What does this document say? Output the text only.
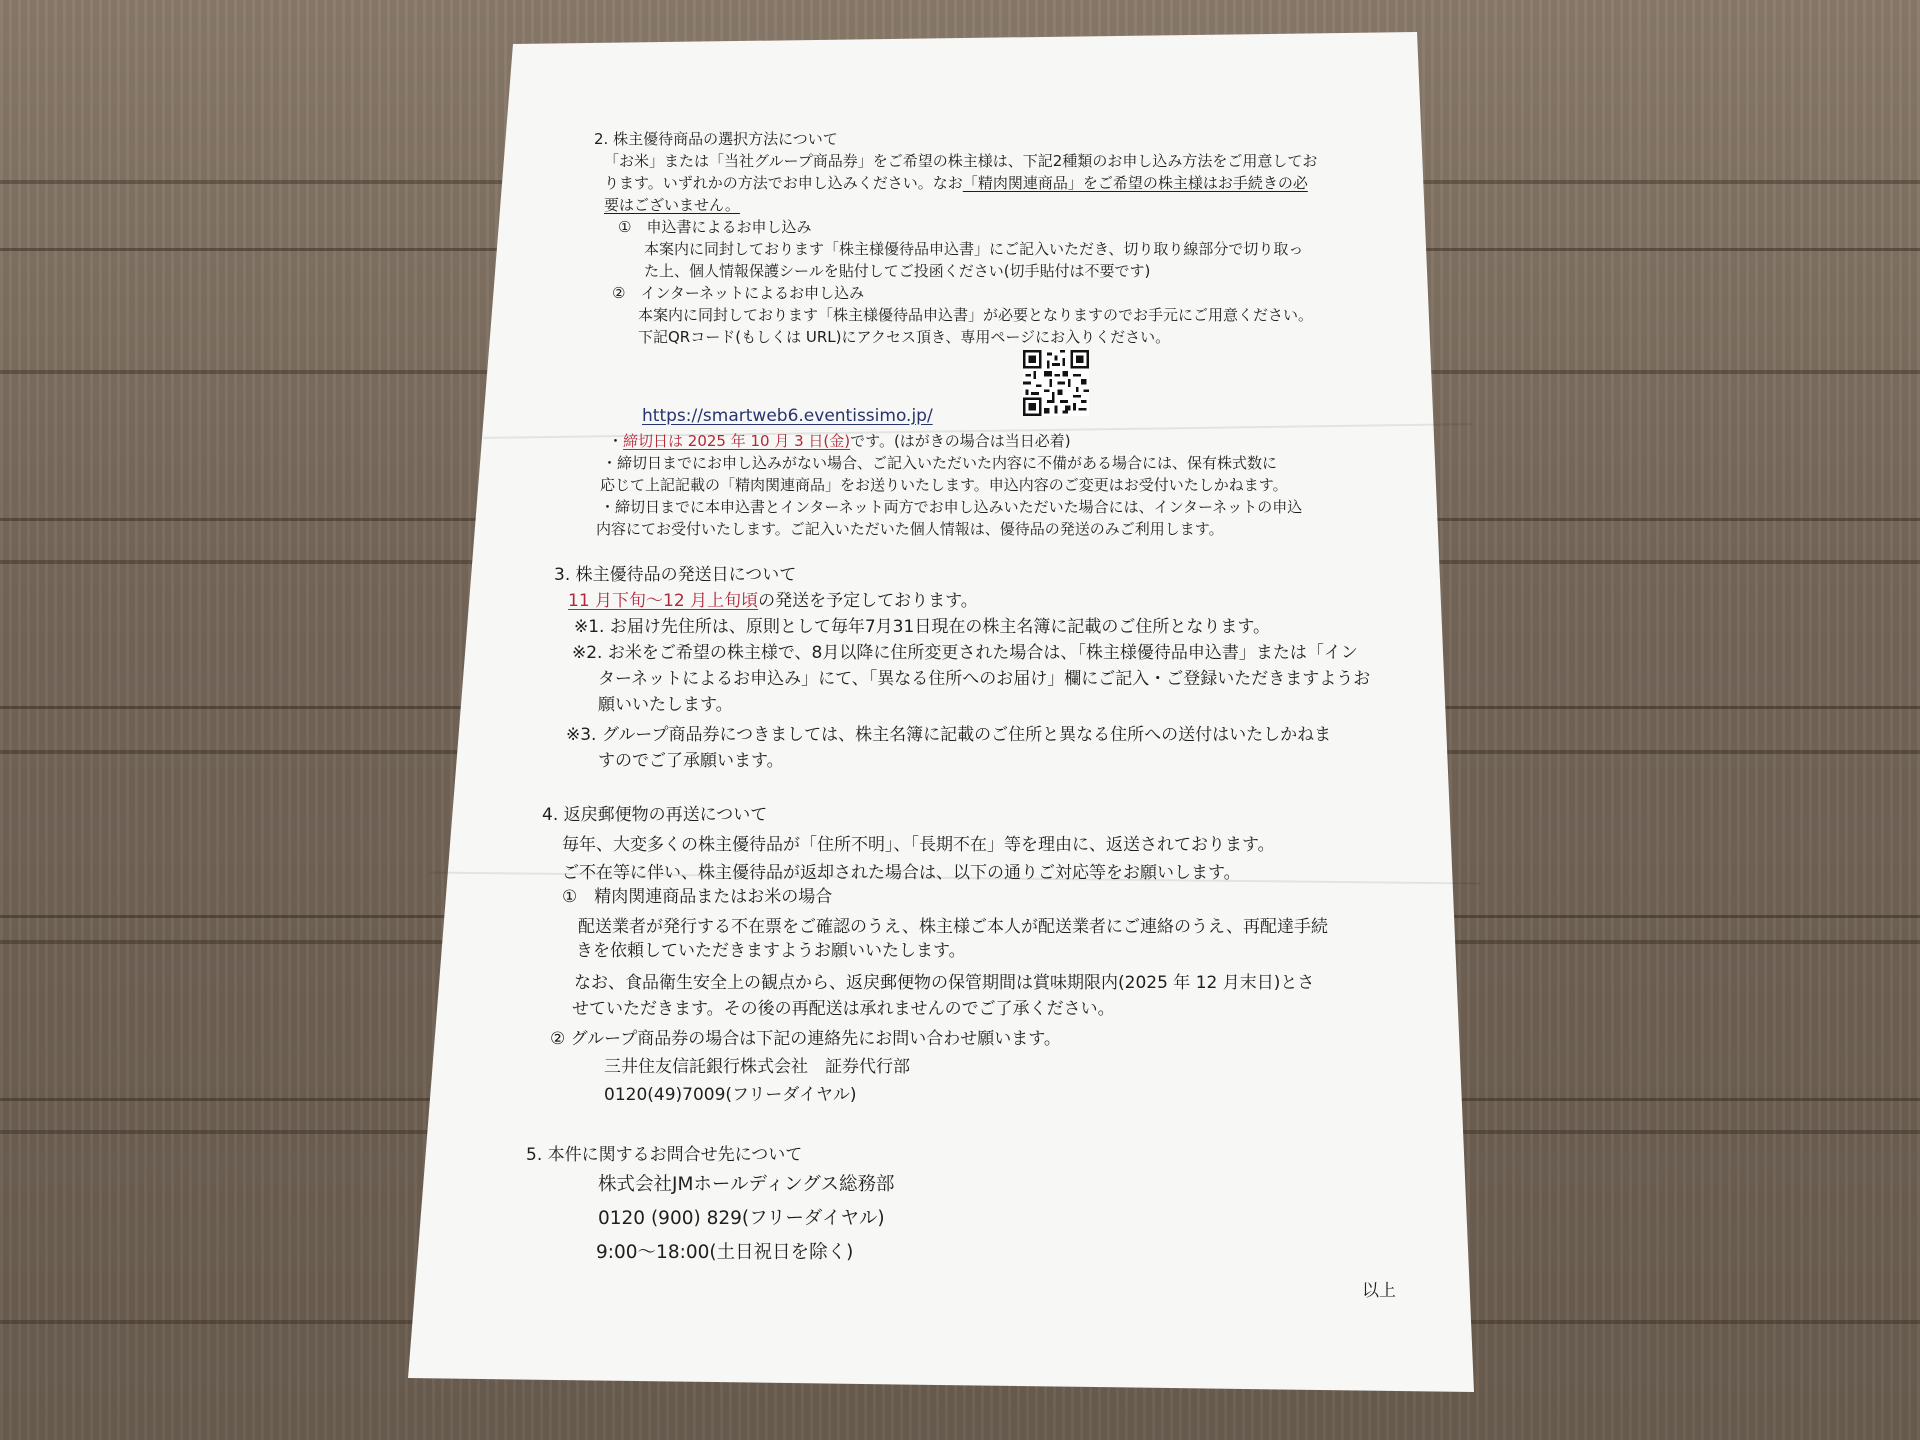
2. 株主優待商品の選択方法について
「お米」または「当社グループ商品券」をご希望の株主様は、下記2種類のお申し込み方法をご用意してお
ります。いずれかの方法でお申し込みください。なお「精肉関連商品」をご希望の株主様はお手続きの必
要はございません。
①　申込書によるお申し込み
本案内に同封しております「株主様優待品申込書」にご記入いただき、切り取り線部分で切り取っ
た上、個人情報保護シールを貼付してご投函ください(切手貼付は不要です)
②　インターネットによるお申し込み
本案内に同封しております「株主様優待品申込書」が必要となりますのでお手元にご用意ください。
下記QRコード(もしくは URL)にアクセス頂き、専用ページにお入りください。
https://smartweb6.eventissimo.jp/
・締切日は 2025 年 10 月 3 日(金)です。(はがきの場合は当日必着)
・締切日までにお申し込みがない場合、ご記入いただいた内容に不備がある場合には、保有株式数に
応じて上記記載の「精肉関連商品」をお送りいたします。申込内容のご変更はお受付いたしかねます。
・締切日までに本申込書とインターネット両方でお申し込みいただいた場合には、インターネットの申込
内容にてお受付いたします。ご記入いただいた個人情報は、優待品の発送のみご利用します。
3. 株主優待品の発送日について
11 月下旬～12 月上旬頃の発送を予定しております。
※1. お届け先住所は、原則として毎年7月31日現在の株主名簿に記載のご住所となります。
※2. お米をご希望の株主様で、8月以降に住所変更された場合は、「株主様優待品申込書」または「イン
ターネットによるお申込み」にて、「異なる住所へのお届け」欄にご記入・ご登録いただきますようお
願いいたします。
※3. グループ商品券につきましては、株主名簿に記載のご住所と異なる住所への送付はいたしかねま
すのでご了承願います。
4. 返戻郵便物の再送について
毎年、大変多くの株主優待品が「住所不明」、「長期不在」等を理由に、返送されております。
ご不在等に伴い、株主優待品が返却された場合は、以下の通りご対応等をお願いします。
①　精肉関連商品またはお米の場合
配送業者が発行する不在票をご確認のうえ、株主様ご本人が配送業者にご連絡のうえ、再配達手続
きを依頼していただきますようお願いいたします。
なお、食品衛生安全上の観点から、返戻郵便物の保管期間は賞味期限内(2025 年 12 月末日)とさ
せていただきます。その後の再配送は承れませんのでご了承ください。
② グループ商品券の場合は下記の連絡先にお問い合わせ願います。
三井住友信託銀行株式会社　証券代行部
0120(49)7009(フリーダイヤル)
5. 本件に関するお問合せ先について
株式会社JMホールディングス総務部
0120 (900) 829(フリーダイヤル)
9:00～18:00(土日祝日を除く)
以上
